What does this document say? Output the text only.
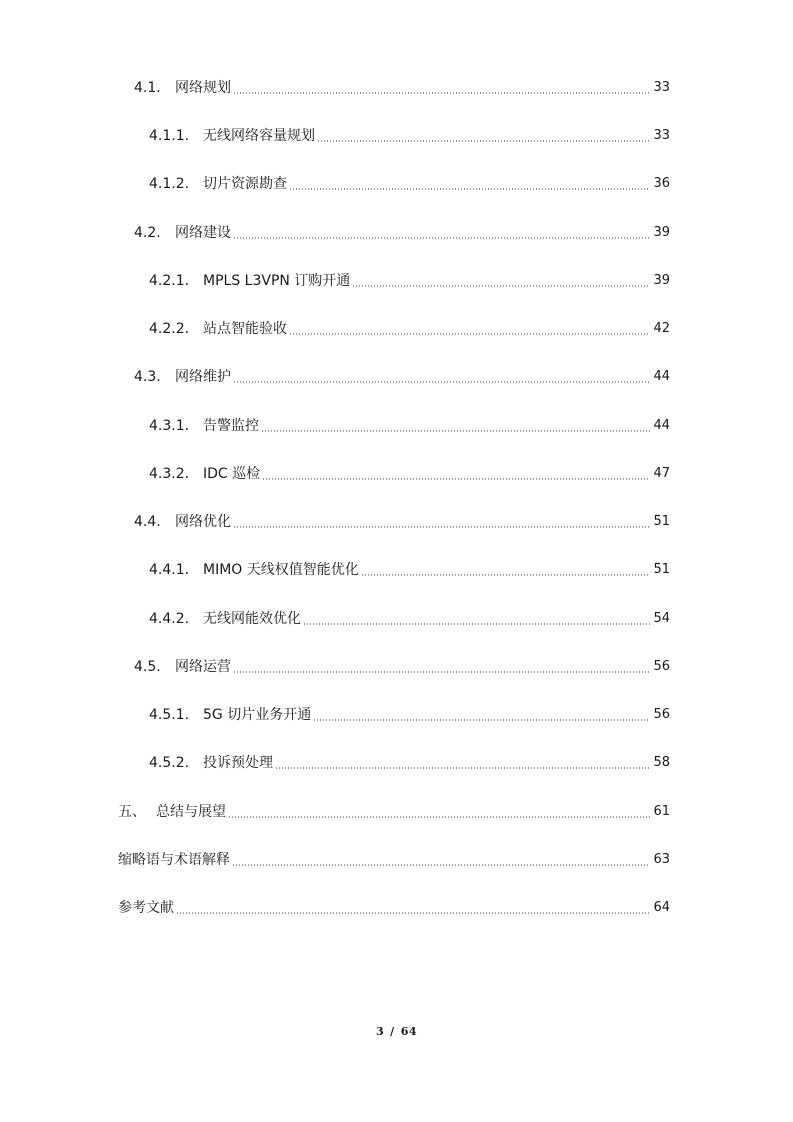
4.1.	网络规划	33
4.1.1. 无线网络容量规划	33
4.1.2. 切片资源勘查	36
4.2.	网络建设	39
4.2.1. MPLS L3VPN 订购开通	39
4.2.2. 站点智能验收	42
4.3.	网络维护	44
4.3.1. 告警监控	44
4.3.2. IDC 巡检	47
4.4.	网络优化	51
4.4.1. MIMO 天线权值智能优化	51
4.4.2. 无线网能效优化	54
4.5.	网络运营	56
4.5.1. 5G 切片业务开通	56
4.5.2. 投诉预处理	58
五、 总结与展望	61
缩略语与术语解释	63
参考文献	64
3 / 64
